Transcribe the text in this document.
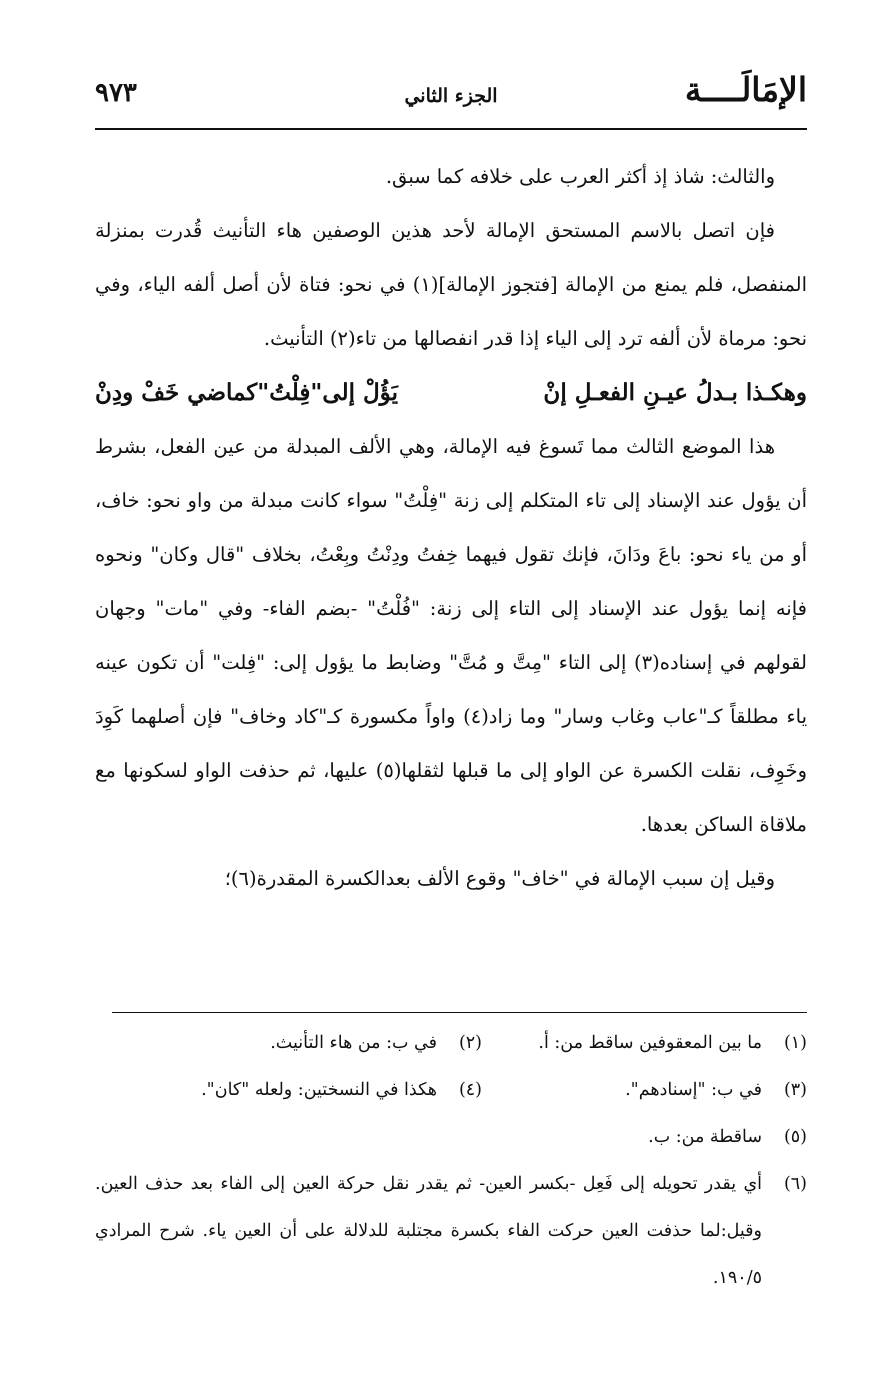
الإمَالَــــة
الجزء الثاني
٩٧٣

والثالث: شاذ إذ أكثر العرب على خلافه كما سبق.

فإن اتصل بالاسم المستحق الإمالة لأحد هذين الوصفين هاء التأنيث قُدرت بمنزلة المنفصل، فلم يمنع من الإمالة [فتجوز الإمالة](١) في نحو: فتاة لأن أصل ألفه الياء، وفي نحو: مرماة لأن ألفه ترد إلى الياء إذا قدر انفصالها من تاء(٢) التأنيث.

وهكـذا بـدلُ عيـنِ الفعـلِ إنْ
يَؤُلْ إلى"فِلْتُ"كماضي خَفْ ودِنْ

هذا الموضع الثالث مما تَسوغ فيه الإمالة، وهي الألف المبدلة من عين الفعل، بشرط أن يؤول عند الإسناد إلى تاء المتكلم إلى زنة "فِلْتُ" سواء كانت مبدلة من واو نحو: خاف، أو من ياء نحو: باعَ ودَانَ، فإنك تقول فيهما خِفتُ ودِنْتُ وبِعْتُ، بخلاف "قال وكان" ونحوه فإنه إنما يؤول عند الإسناد إلى التاء إلى زنة: "فُلْتُ" -بضم الفاء- وفي "مات" وجهان لقولهم في إسناده(٣) إلى التاء "مِتَّ و مُتَّ" وضابط ما يؤول إلى: "فِلت" أن تكون عينه ياء مطلقاً كـ"عاب وغاب وسار" وما زاد(٤) واواً مكسورة كـ"كاد وخاف" فإن أصلهما كَوِدَ وخَوِف، نقلت الكسرة عن الواو إلى ما قبلها لثقلها(٥) عليها، ثم حذفت الواو لسكونها مع ملاقاة الساكن بعدها.

وقيل إن سبب الإمالة في "خاف" وقوع الألف بعدالكسرة المقدرة(٦)؛

(١)
ما بين المعقوفين ساقط من: أ.
(٢)
في ب: من هاء التأنيث.
(٣)
في ب: "إسنادهم".
(٤)
هكذا في النسختين: ولعله "كان".
(٥)
ساقطة من: ب.
(٦)
أي يقدر تحويله إلى فَعِل -بكسر العين- ثم يقدر نقل حركة العين إلى الفاء بعد حذف العين. وقيل:لما حذفت العين حركت الفاء بكسرة مجتلبة للدلالة على أن العين ياء. شرح المرادي ١٩٠/٥.
